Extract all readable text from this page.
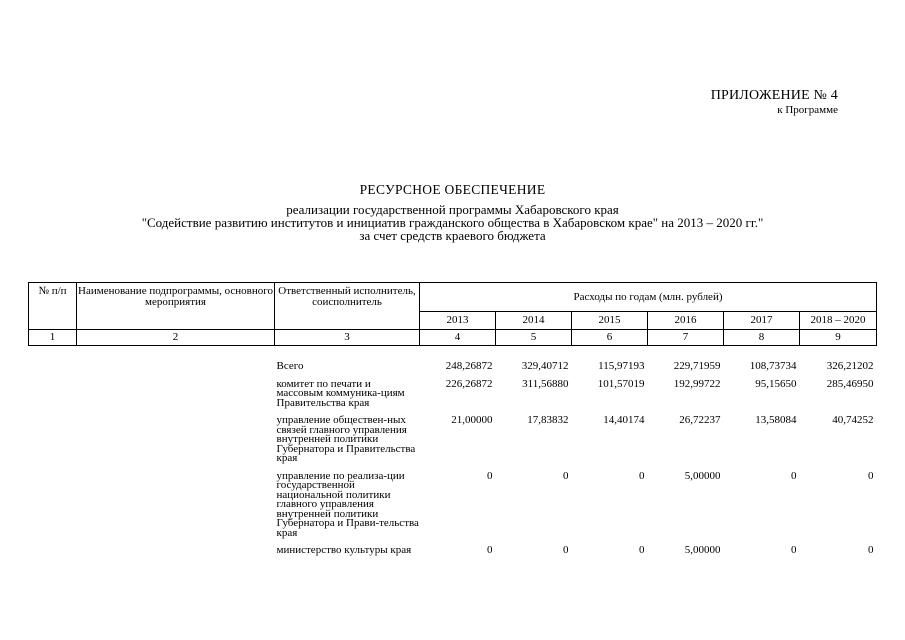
ПРИЛОЖЕНИЕ № 4
к Программе
РЕСУРСНОЕ ОБЕСПЕЧЕНИЕ
реализации государственной программы Хабаровского края
"Содействие развитию институтов и инициатив гражданского общества в Хабаровском крае" на 2013 – 2020 гг."
за счет средств краевого бюджета
№ п/п	Наименование подпрограммы, основного мероприятия	Ответственный исполнитель, соисполнитель	Расходы по годам (млн. рублей)					
			2013	2014	2015	2016	2017	2018 – 2020
1	2	3	4	5	6	7	8	9

		Всего	248,26872	329,40712	115,97193	229,71959	108,73734	326,21202
		комитет по печати и массовым коммуника-циям Правительства края	226,26872	311,56880	101,57019	192,99722	95,15650	285,46950
		управление обществен-ных связей главного управления внутренней политики Губернатора и Правительства края	21,00000	17,83832	14,40174	26,72237	13,58084	40,74252
		управление по реализа-ции государственной национальной политики главного управления внутренней политики Губернатора и Прави-тельства края	0	0	0	5,00000	0	0
		министерство культуры края	0	0	0	5,00000	0	0
